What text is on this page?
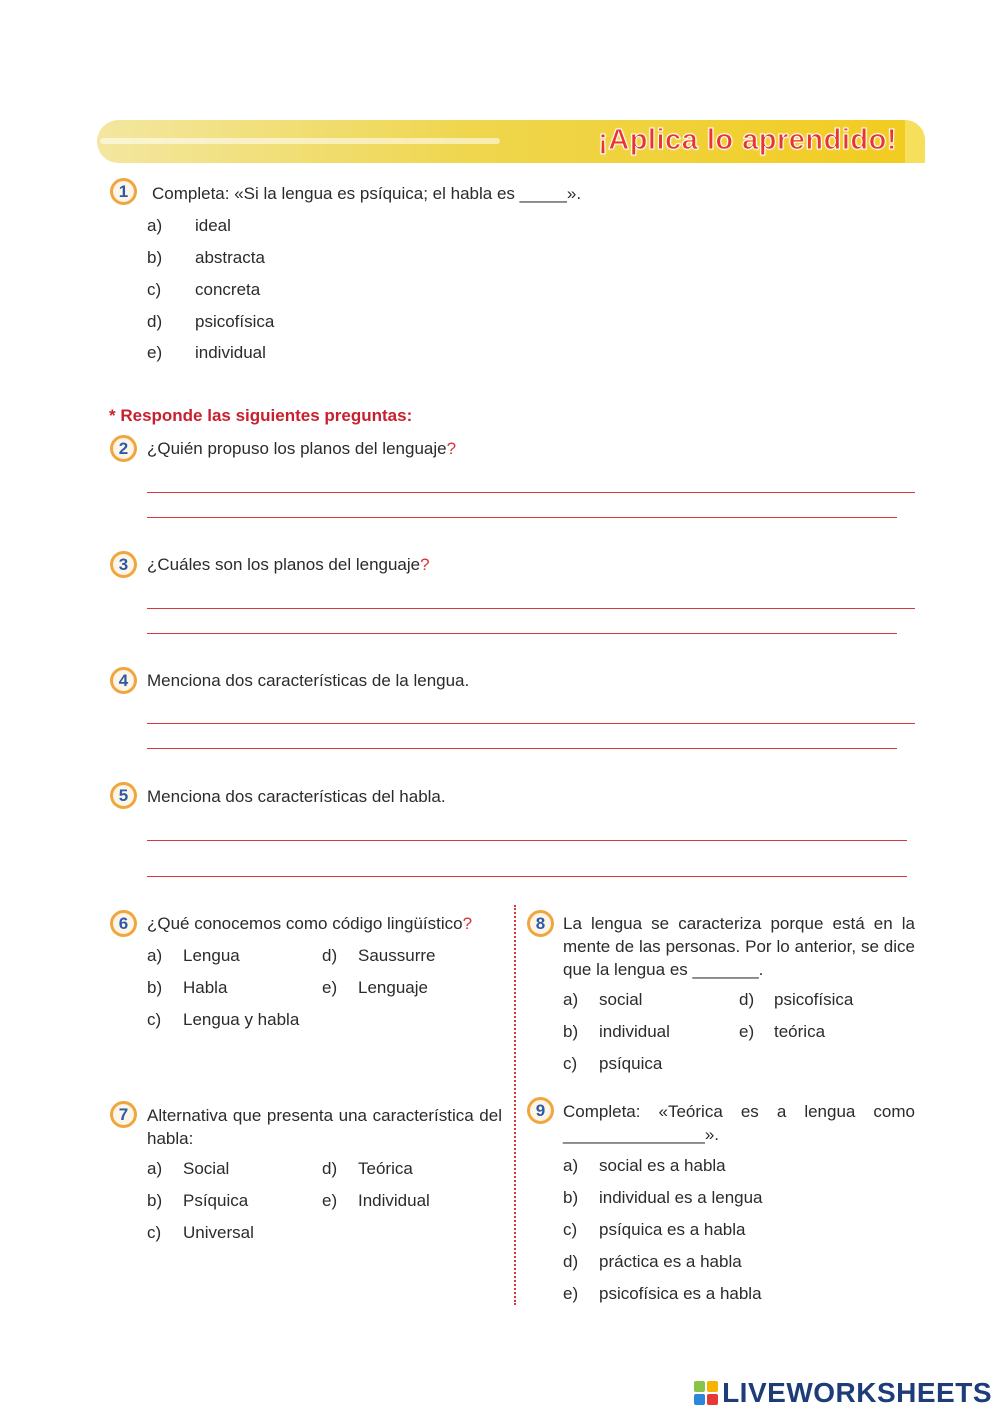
¡Aplica lo aprendido!
1	Completa: «Si la lengua es psíquica; el habla es _____».
a) ideal
b) abstracta
c) concreta
d) psicofísica
e) individual
* Responde las siguientes preguntas:
2	¿Quién propuso los planos del lenguaje?
3	¿Cuáles son los planos del lenguaje?
4	Menciona dos características de la lengua.
5	Menciona dos características del habla.
6	¿Qué conocemos como código lingüístico?
a) Lengua
b) Habla
c) Lengua y habla
d) Saussurre
e) Lenguaje
7	Alternativa que presenta una característica del habla:
a) Social
b) Psíquica
c) Universal
d) Teórica
e) Individual
8	La lengua se caracteriza porque está en la mente de las personas. Por lo anterior, se dice que la lengua es _______.
a) social
b) individual
c) psíquica
d) psicofísica
e) teórica
9	Completa: «Teórica es a lengua como _______________».
a) social es a habla
b) individual es a lengua
c) psíquica es a habla
d) práctica es a habla
e) psicofísica es a habla
LIVEWORKSHEETS
